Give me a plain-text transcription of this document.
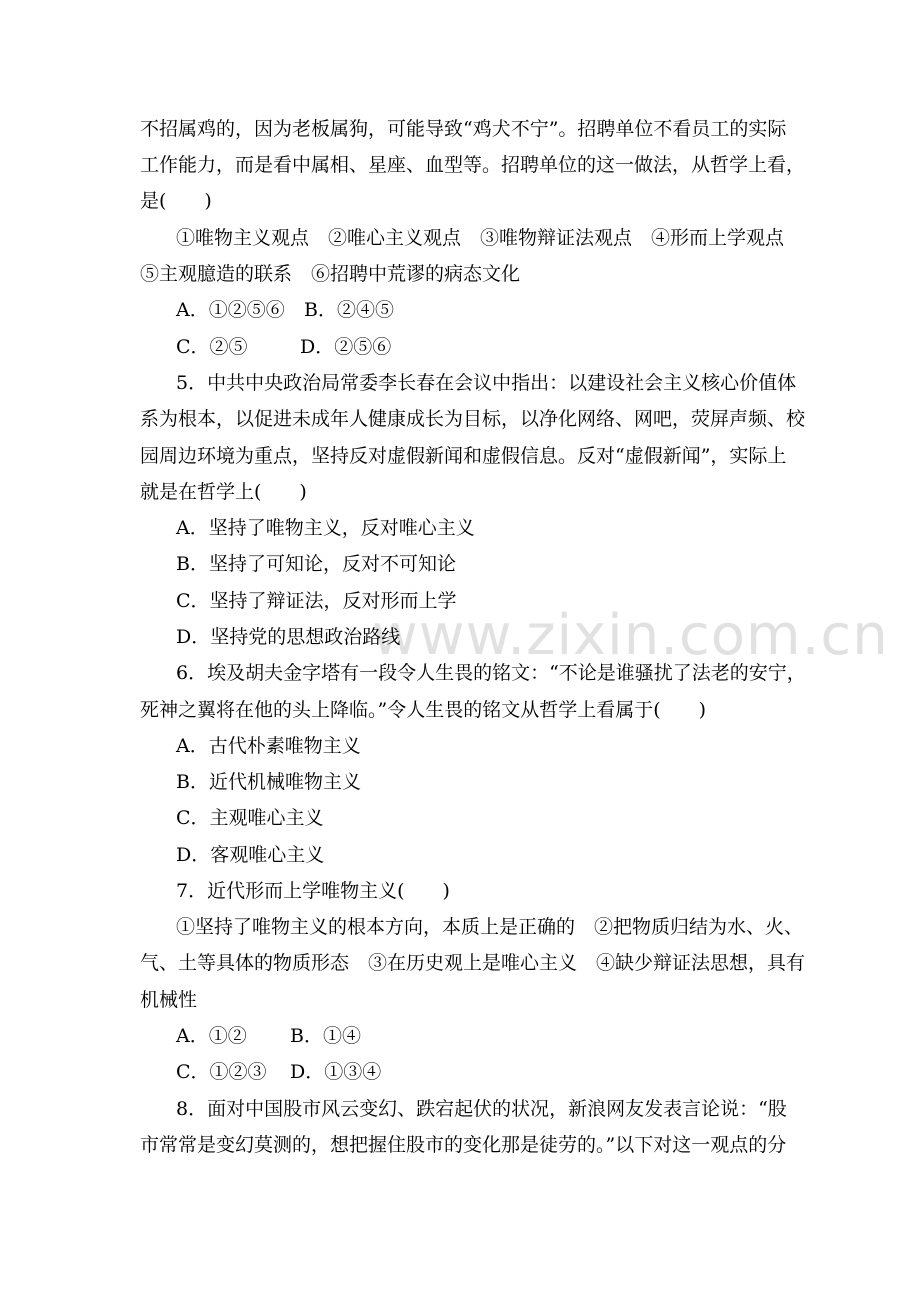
www.zixin.com.cn
不招属鸡的，因为老板属狗，可能导致“鸡犬不宁”。招聘单位不看员工的实际
工作能力，而是看中属相、星座、血型等。招聘单位的这一做法，从哲学上看，
是(　　)
①唯物主义观点　②唯心主义观点　③唯物辩证法观点　④形而上学观点
⑤主观臆造的联系　⑥招聘中荒谬的病态文化
A．①②⑤⑥ B．②④⑤
C．②⑤	D．②⑤⑥
5．中共中央政治局常委李长春在会议中指出：以建设社会主义核心价值体
系为根本，以促进未成年人健康成长为目标，以净化网络、网吧，荧屏声频、校
园周边环境为重点，坚持反对虚假新闻和虚假信息。反对“虚假新闻”，实际上
就是在哲学上(　　)
A．坚持了唯物主义，反对唯心主义
B．坚持了可知论，反对不可知论
C．坚持了辩证法，反对形而上学
D．坚持党的思想政治路线
6．埃及胡夫金字塔有一段令人生畏的铭文：“不论是谁骚扰了法老的安宁，
死神之翼将在他的头上降临。”令人生畏的铭文从哲学上看属于(　　)
A．古代朴素唯物主义
B．近代机械唯物主义
C．主观唯心主义
D．客观唯心主义
7．近代形而上学唯物主义(　　)
①坚持了唯物主义的根本方向，本质上是正确的　②把物质归结为水、火、
气、土等具体的物质形态　③在历史观上是唯心主义　④缺少辩证法思想，具有
机械性
A．①② B．①④
C．①②③ D．①③④
8．面对中国股市风云变幻、跌宕起伏的状况，新浪网友发表言论说：“股
市常常是变幻莫测的，想把握住股市的变化那是徒劳的。”以下对这一观点的分
